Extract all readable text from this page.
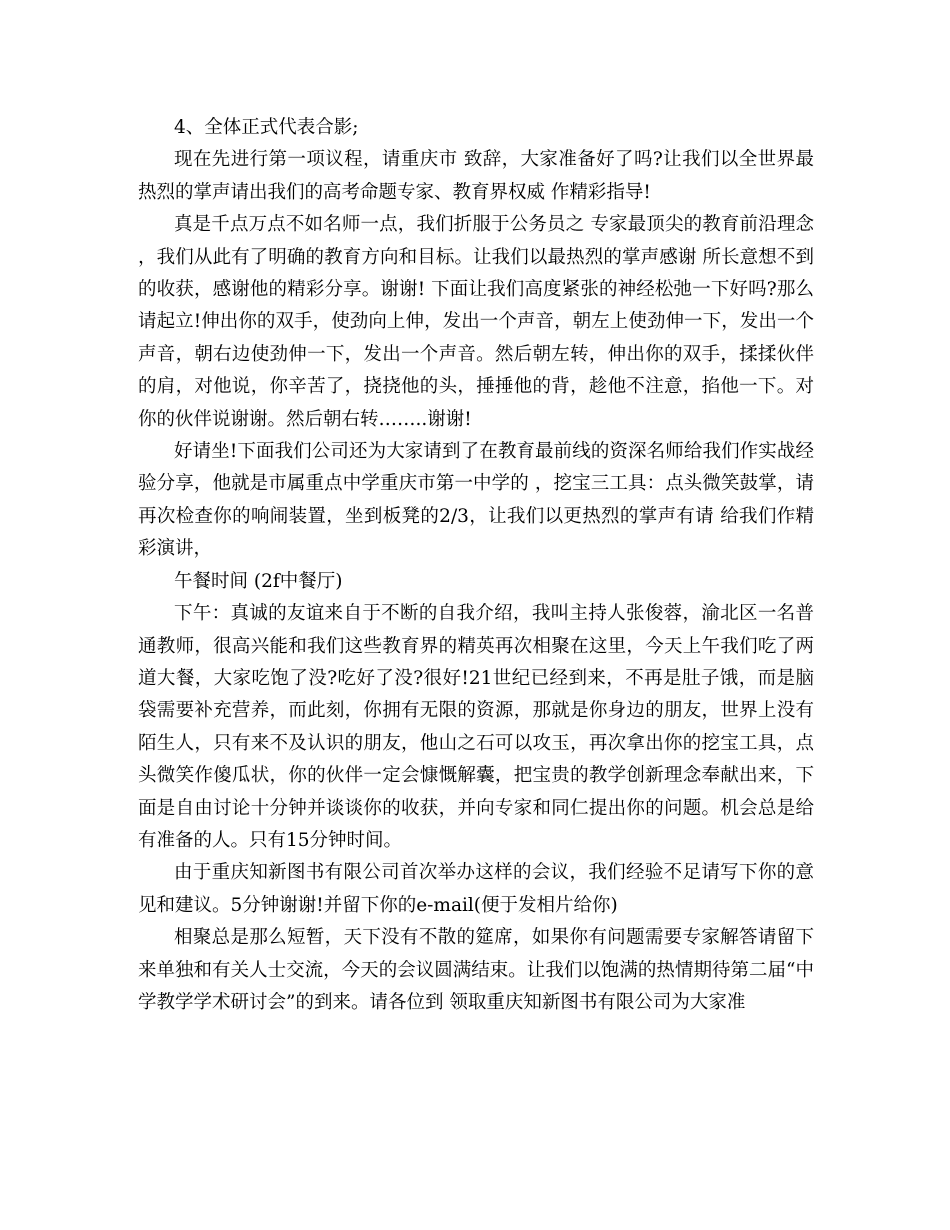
4、全体正式代表合影;

现在先进行第一项议程，请重庆市 致辞，大家准备好了吗?让我们以全世界最热烈的掌声请出我们的高考命题专家、教育界权威 作精彩指导!

真是千点万点不如名师一点，我们折服于公务员之 专家最顶尖的教育前沿理念，我们从此有了明确的教育方向和目标。让我们以最热烈的掌声感谢 所长意想不到的收获，感谢他的精彩分享。谢谢! 下面让我们高度紧张的神经松弛一下好吗?那么请起立!伸出你的双手，使劲向上伸，发出一个声音，朝左上使劲伸一下，发出一个声音，朝右边使劲伸一下，发出一个声音。然后朝左转，伸出你的双手，揉揉伙伴的肩，对他说，你辛苦了，挠挠他的头，捶捶他的背，趁他不注意，掐他一下。对你的伙伴说谢谢。然后朝右转……..谢谢!

好请坐!下面我们公司还为大家请到了在教育最前线的资深名师给我们作实战经验分享，他就是市属重点中学重庆市第一中学的 ，挖宝三工具：点头微笑鼓掌，请再次检查你的响闹装置，坐到板凳的2/3，让我们以更热烈的掌声有请 给我们作精彩演讲，

午餐时间 (2f中餐厅)

下午：真诚的友谊来自于不断的自我介绍，我叫主持人张俊蓉，渝北区一名普通教师，很高兴能和我们这些教育界的精英再次相聚在这里，今天上午我们吃了两道大餐，大家吃饱了没?吃好了没?很好!21世纪已经到来，不再是肚子饿，而是脑袋需要补充营养，而此刻，你拥有无限的资源，那就是你身边的朋友，世界上没有陌生人，只有来不及认识的朋友，他山之石可以攻玉，再次拿出你的挖宝工具，点头微笑作傻瓜状，你的伙伴一定会慷慨解囊，把宝贵的教学创新理念奉献出来，下面是自由讨论十分钟并谈谈你的收获，并向专家和同仁提出你的问题。机会总是给有准备的人。只有15分钟时间。

由于重庆知新图书有限公司首次举办这样的会议，我们经验不足请写下你的意见和建议。5分钟谢谢!并留下你的e-mail(便于发相片给你)

相聚总是那么短暂，天下没有不散的筵席，如果你有问题需要专家解答请留下来单独和有关人士交流，今天的会议圆满结束。让我们以饱满的热情期待第二届“中学教学学术研讨会”的到来。请各位到 领取重庆知新图书有限公司为大家准
